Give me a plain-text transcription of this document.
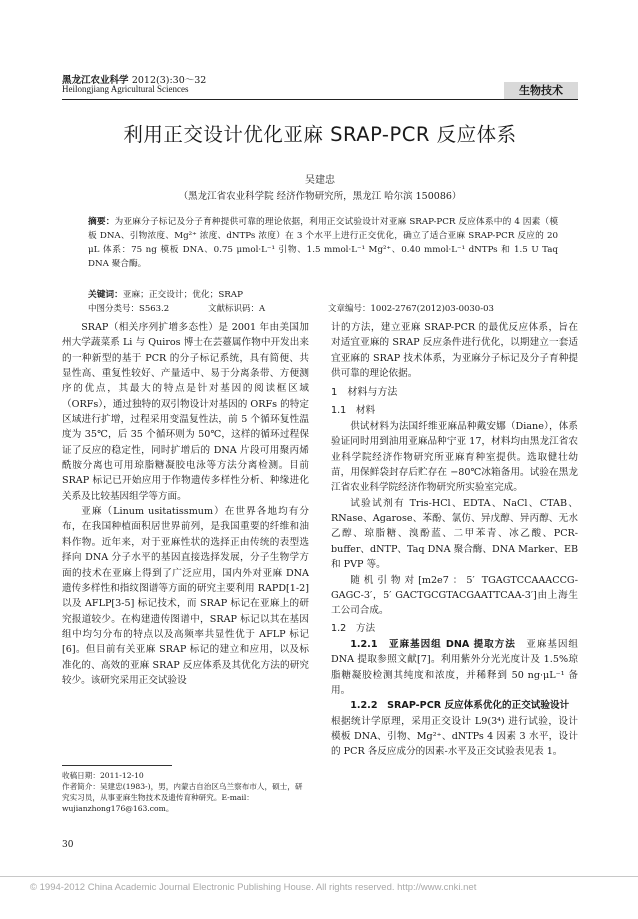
黑龙江农业科学 2012(3):30～32
Heilongjiang Agricultural Sciences	生物技术
利用正交设计优化亚麻 SRAP-PCR 反应体系
吴建忠
（黑龙江省农业科学院 经济作物研究所，黑龙江 哈尔滨 150086）
摘要：为亚麻分子标记及分子育种提供可靠的理论依据，利用正交试验设计对亚麻 SRAP-PCR 反应体系中的 4 因素（模板 DNA、引物浓度、Mg²⁺ 浓度、dNTPs 浓度）在 3 个水平上进行正交优化，确立了适合亚麻 SRAP-PCR 反应的 20 μL 体系：75 ng 模板 DNA、0.75 μmol·L⁻¹ 引物、1.5 mmol·L⁻¹ Mg²⁺、0.40 mmol·L⁻¹ dNTPs 和 1.5 U Taq DNA 聚合酶。
关键词：亚麻；正交设计；优化；SRAP
中图分类号：S563.2	文献标识码：A	文章编号：1002-2767(2012)03-0030-03

SRAP（相关序列扩增多态性）是 2001 年由美国加州大学蔬菜系 Li 与 Quiros 博士在芸薹属作物中开发出来的一种新型的基于 PCR 的分子标记系统，具有简便、共显性高、重复性较好、产量适中、易于分离条带、方便测序的优点，其最大的特点是针对基因的阅读框区域（ORFs），通过独特的双引物设计对基因的 ORFs 的特定区域进行扩增，过程采用变温复性法，前 5 个循环复性温度为 35℃，后 35 个循环则为 50℃，这样的循环过程保证了反应的稳定性，同时扩增后的 DNA 片段可用聚丙烯酰胺分离也可用琼脂糖凝胶电泳等方法分离检测。目前 SRAP 标记已开始应用于作物遗传多样性分析、种缘进化关系及比较基因组学等方面。

亚麻（Linum usitatissmum）在世界各地均有分布，在我国种植面积居世界前列，是我国重要的纤维和油料作物。近年来，对于亚麻性状的选择正由传统的表型选择向 DNA 分子水平的基因直接选择发展，分子生物学方面的技术在亚麻上得到了广泛应用，国内外对亚麻 DNA 遗传多样性和指纹图谱等方面的研究主要利用 RAPD[1-2] 以及 AFLP[3-5] 标记技术，而 SRAP 标记在亚麻上的研究报道较少。在构建遗传图谱中，SRAP 标记以其在基因组中均匀分布的特点以及高频率共显性优于 AFLP 标记[6]。但目前有关亚麻 SRAP 标记的建立和应用，以及标准化的、高效的亚麻 SRAP 反应体系及其优化方法的研究较少。该研究采用正交试验设

计的方法，建立亚麻 SRAP-PCR 的最优反应体系，旨在对适宜亚麻的 SRAP 反应条件进行优化，以期建立一套适宜亚麻的 SRAP 技术体系，为亚麻分子标记及分子育种提供可靠的理论依据。

1　材料与方法
1.1　材料

供试材料为法国纤维亚麻品种戴安娜（Diane），体系验证同时用到油用亚麻品种宁亚 17，材料均由黑龙江省农业科学院经济作物研究所亚麻育种室提供。选取健壮幼苗，用保鲜袋封存后贮存在 −80℃冰箱备用。试验在黑龙江省农业科学院经济作物研究所实验室完成。

试验试剂有 Tris-HCl、EDTA、NaCl、CTAB、RNase、Agarose、苯酚、氯仿、异戊醇、异丙醇、无水乙醇、琼脂糖、溴酚蓝、二甲苯青、冰乙酸、PCR-buffer、dNTP、Taq DNA 聚合酶、DNA Marker、EB 和 PVP 等。

随机引物对[m2e7：5′ TGAGTCCAAACCG-GAGC-3′，5′ GACTGCGTACGAATTCAA-3′]由上海生工公司合成。

1.2　方法

1.2.1　亚麻基因组 DNA 提取方法　亚麻基因组 DNA 提取参照文献[7]。利用紫外分光光度计及 1.5%琼脂糖凝胶检测其纯度和浓度，并稀释到 50 ng·μL⁻¹ 备用。

1.2.2　SRAP-PCR 反应体系优化的正交试验设计　根据统计学原理，采用正交设计 L9(3⁴) 进行试验，设计模板 DNA、引物、Mg²⁺、dNTPs 4 因素 3 水平，设计的 PCR 各反应成分的因素-水平及正交试验表见表 1。

收稿日期：2011-12-10

作者简介：吴建忠(1983-)，男，内蒙古自治区乌兰察布市人，硕士，研究实习员，从事亚麻生物技术及遗传育种研究。E-mail：wujianzhong176@163.com。

30
© 1994-2012 China Academic Journal Electronic Publishing House. All rights reserved. http://www.cnki.net
